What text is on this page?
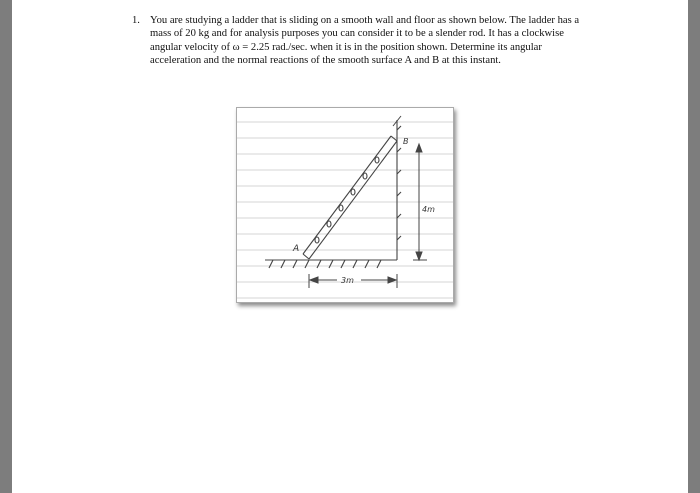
1. You are studying a ladder that is sliding on a smooth wall and floor as shown below. The ladder has a mass of 20 kg and for analysis purposes you can consider it to be a slender rod. It has a clockwise angular velocity of ω = 2.25 rad./sec. when it is in the position shown. Determine its angular acceleration and the normal reactions of the smooth surface A and B at this instant.
A
B
4m
3m
